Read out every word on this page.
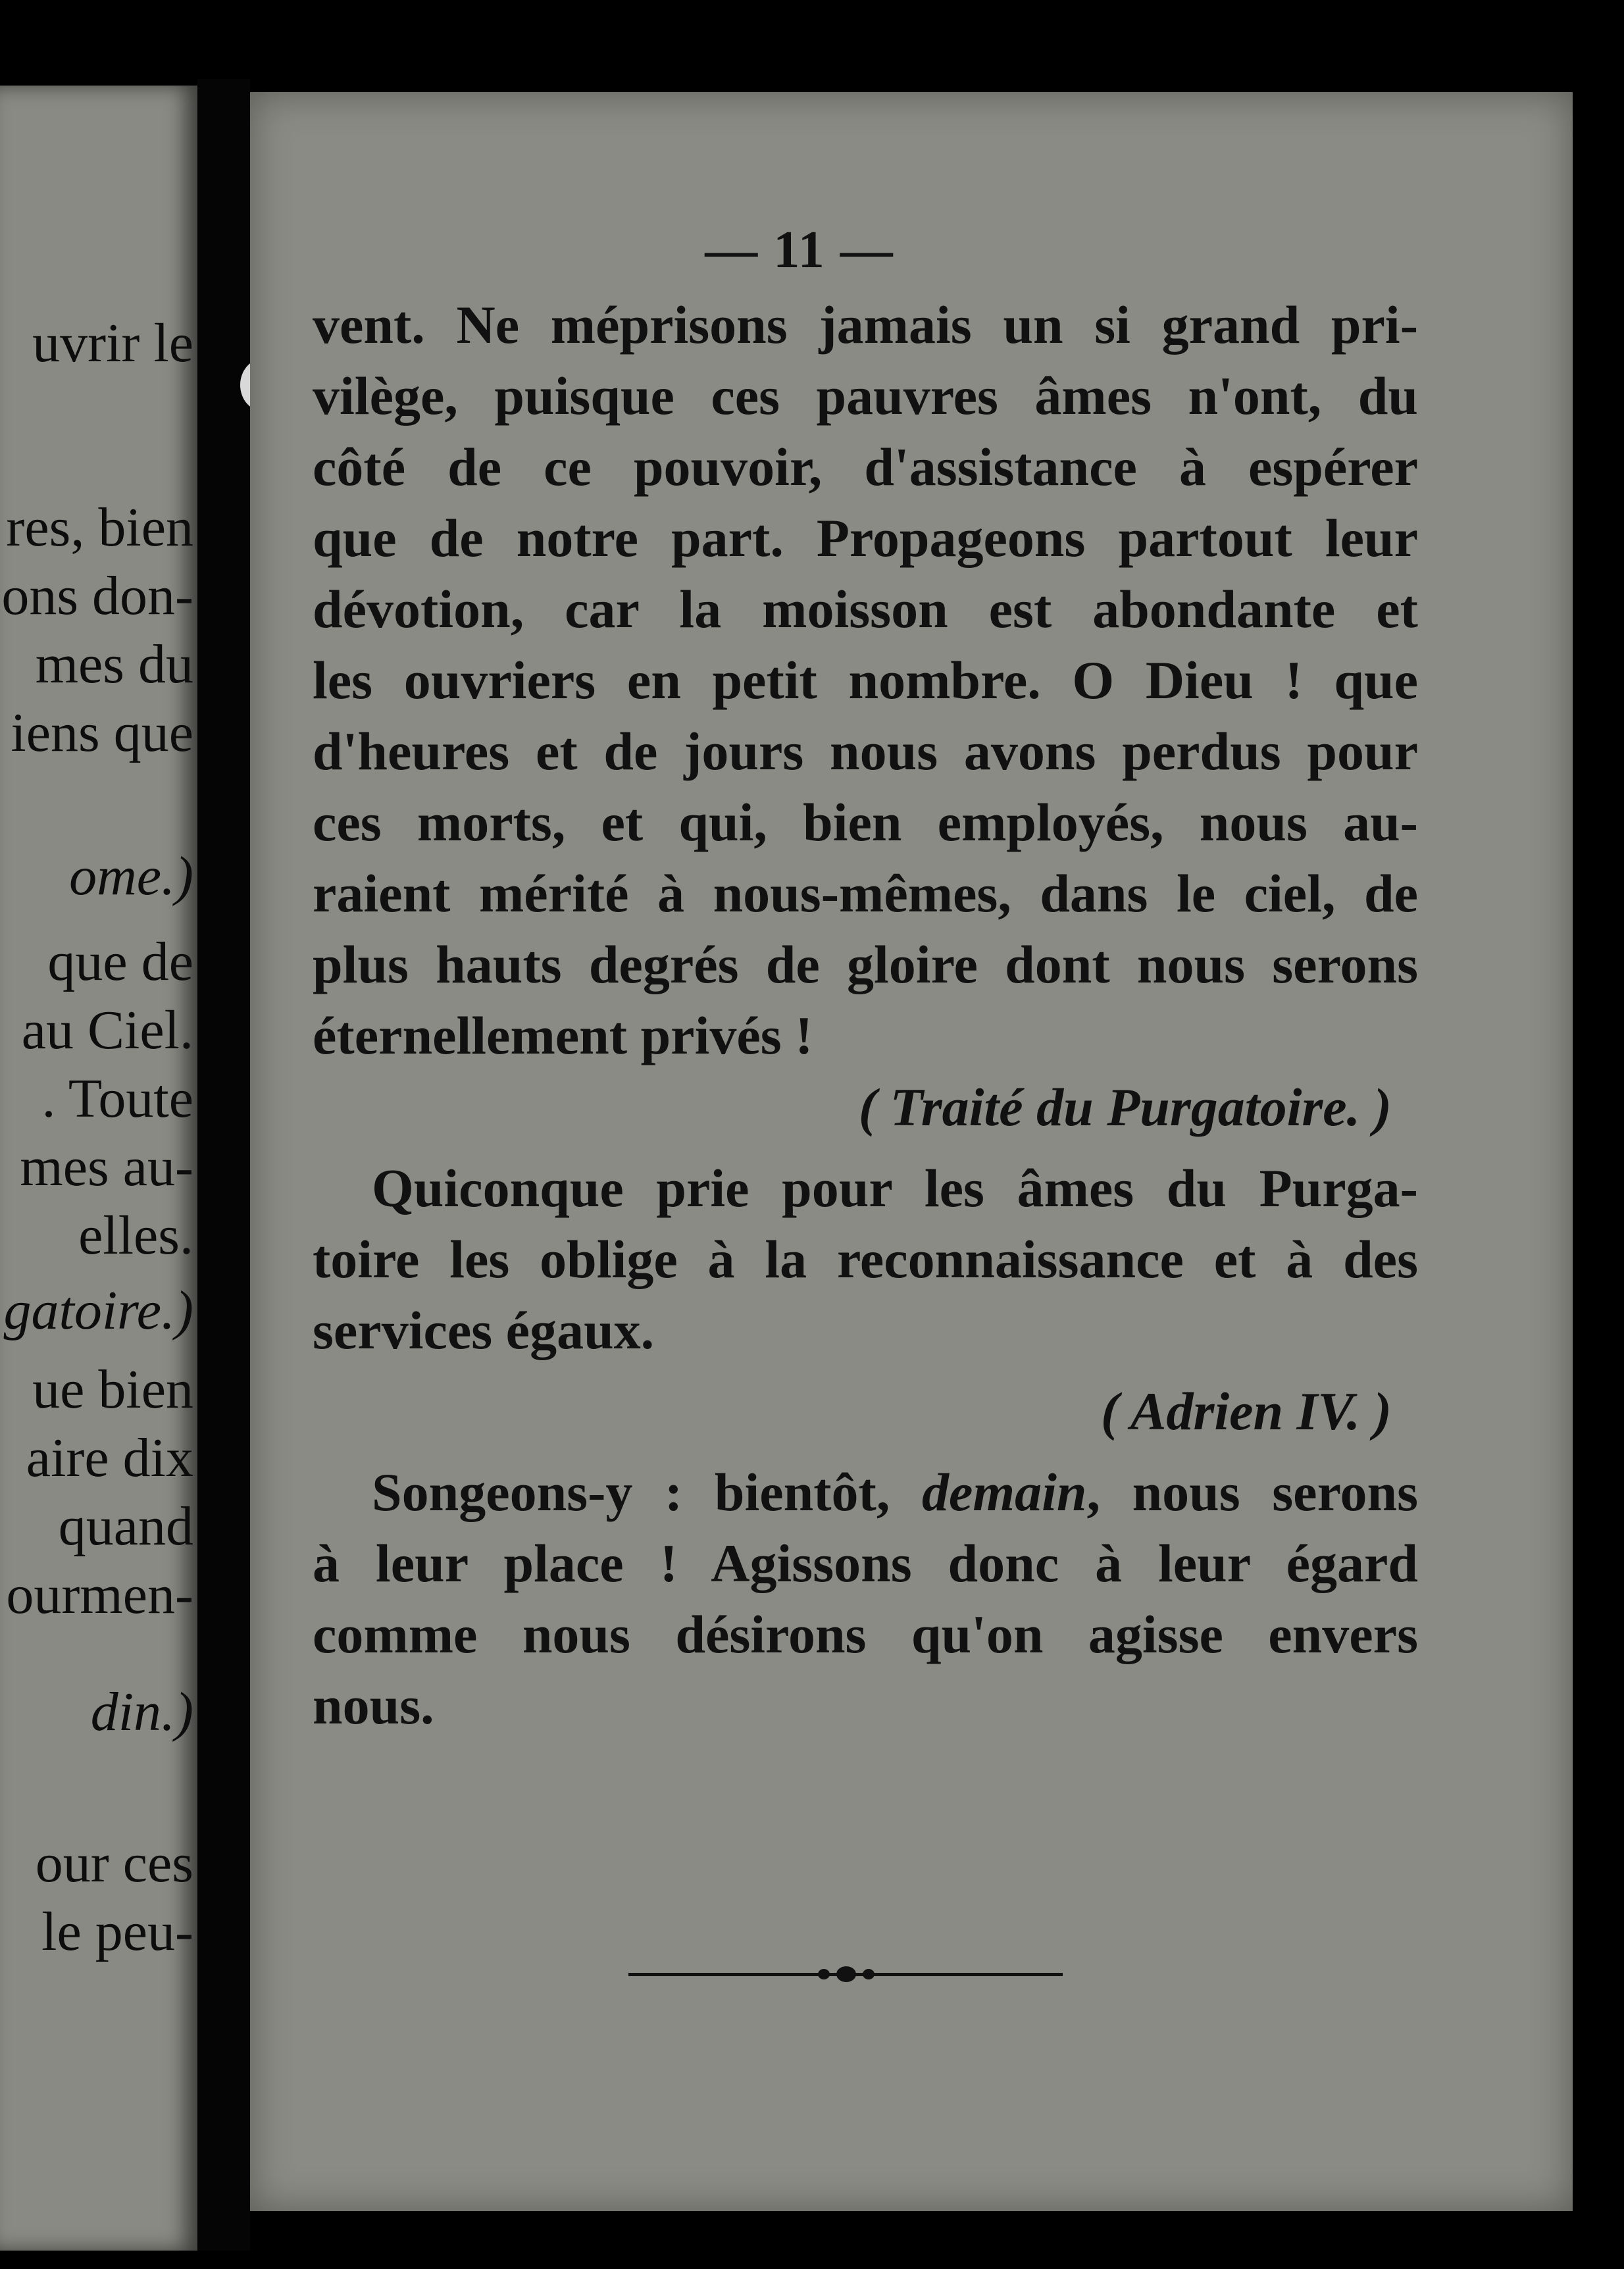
uvrir le
res, bien
ons don-
mes du
iens que
ome.)
que de
au Ciel.
. Toute
mes au-
elles.
gatoire.)
ue bien
aire dix
quand
ourmen-
din.)
our ces
le peu-
— 11 —
vent. Ne méprisons jamais un si grand pri-
vilège, puisque ces pauvres âmes n'ont, du
côté de ce pouvoir, d'assistance à espérer
que de notre part. Propageons partout leur
dévotion, car la moisson est abondante et
les ouvriers en petit nombre. O Dieu ! que
d'heures et de jours nous avons perdus pour
ces morts, et qui, bien employés, nous au-
raient mérité à nous-mêmes, dans le ciel, de
plus hauts degrés de gloire dont nous serons
éternellement privés !
( Traité du Purgatoire. )
Quiconque prie pour les âmes du Purga-
toire les oblige à la reconnaissance et à des
services égaux.
( Adrien IV. )
Songeons-y : bientôt, demain, nous serons
à leur place ! Agissons donc à leur égard
comme nous désirons qu'on agisse envers
nous.
